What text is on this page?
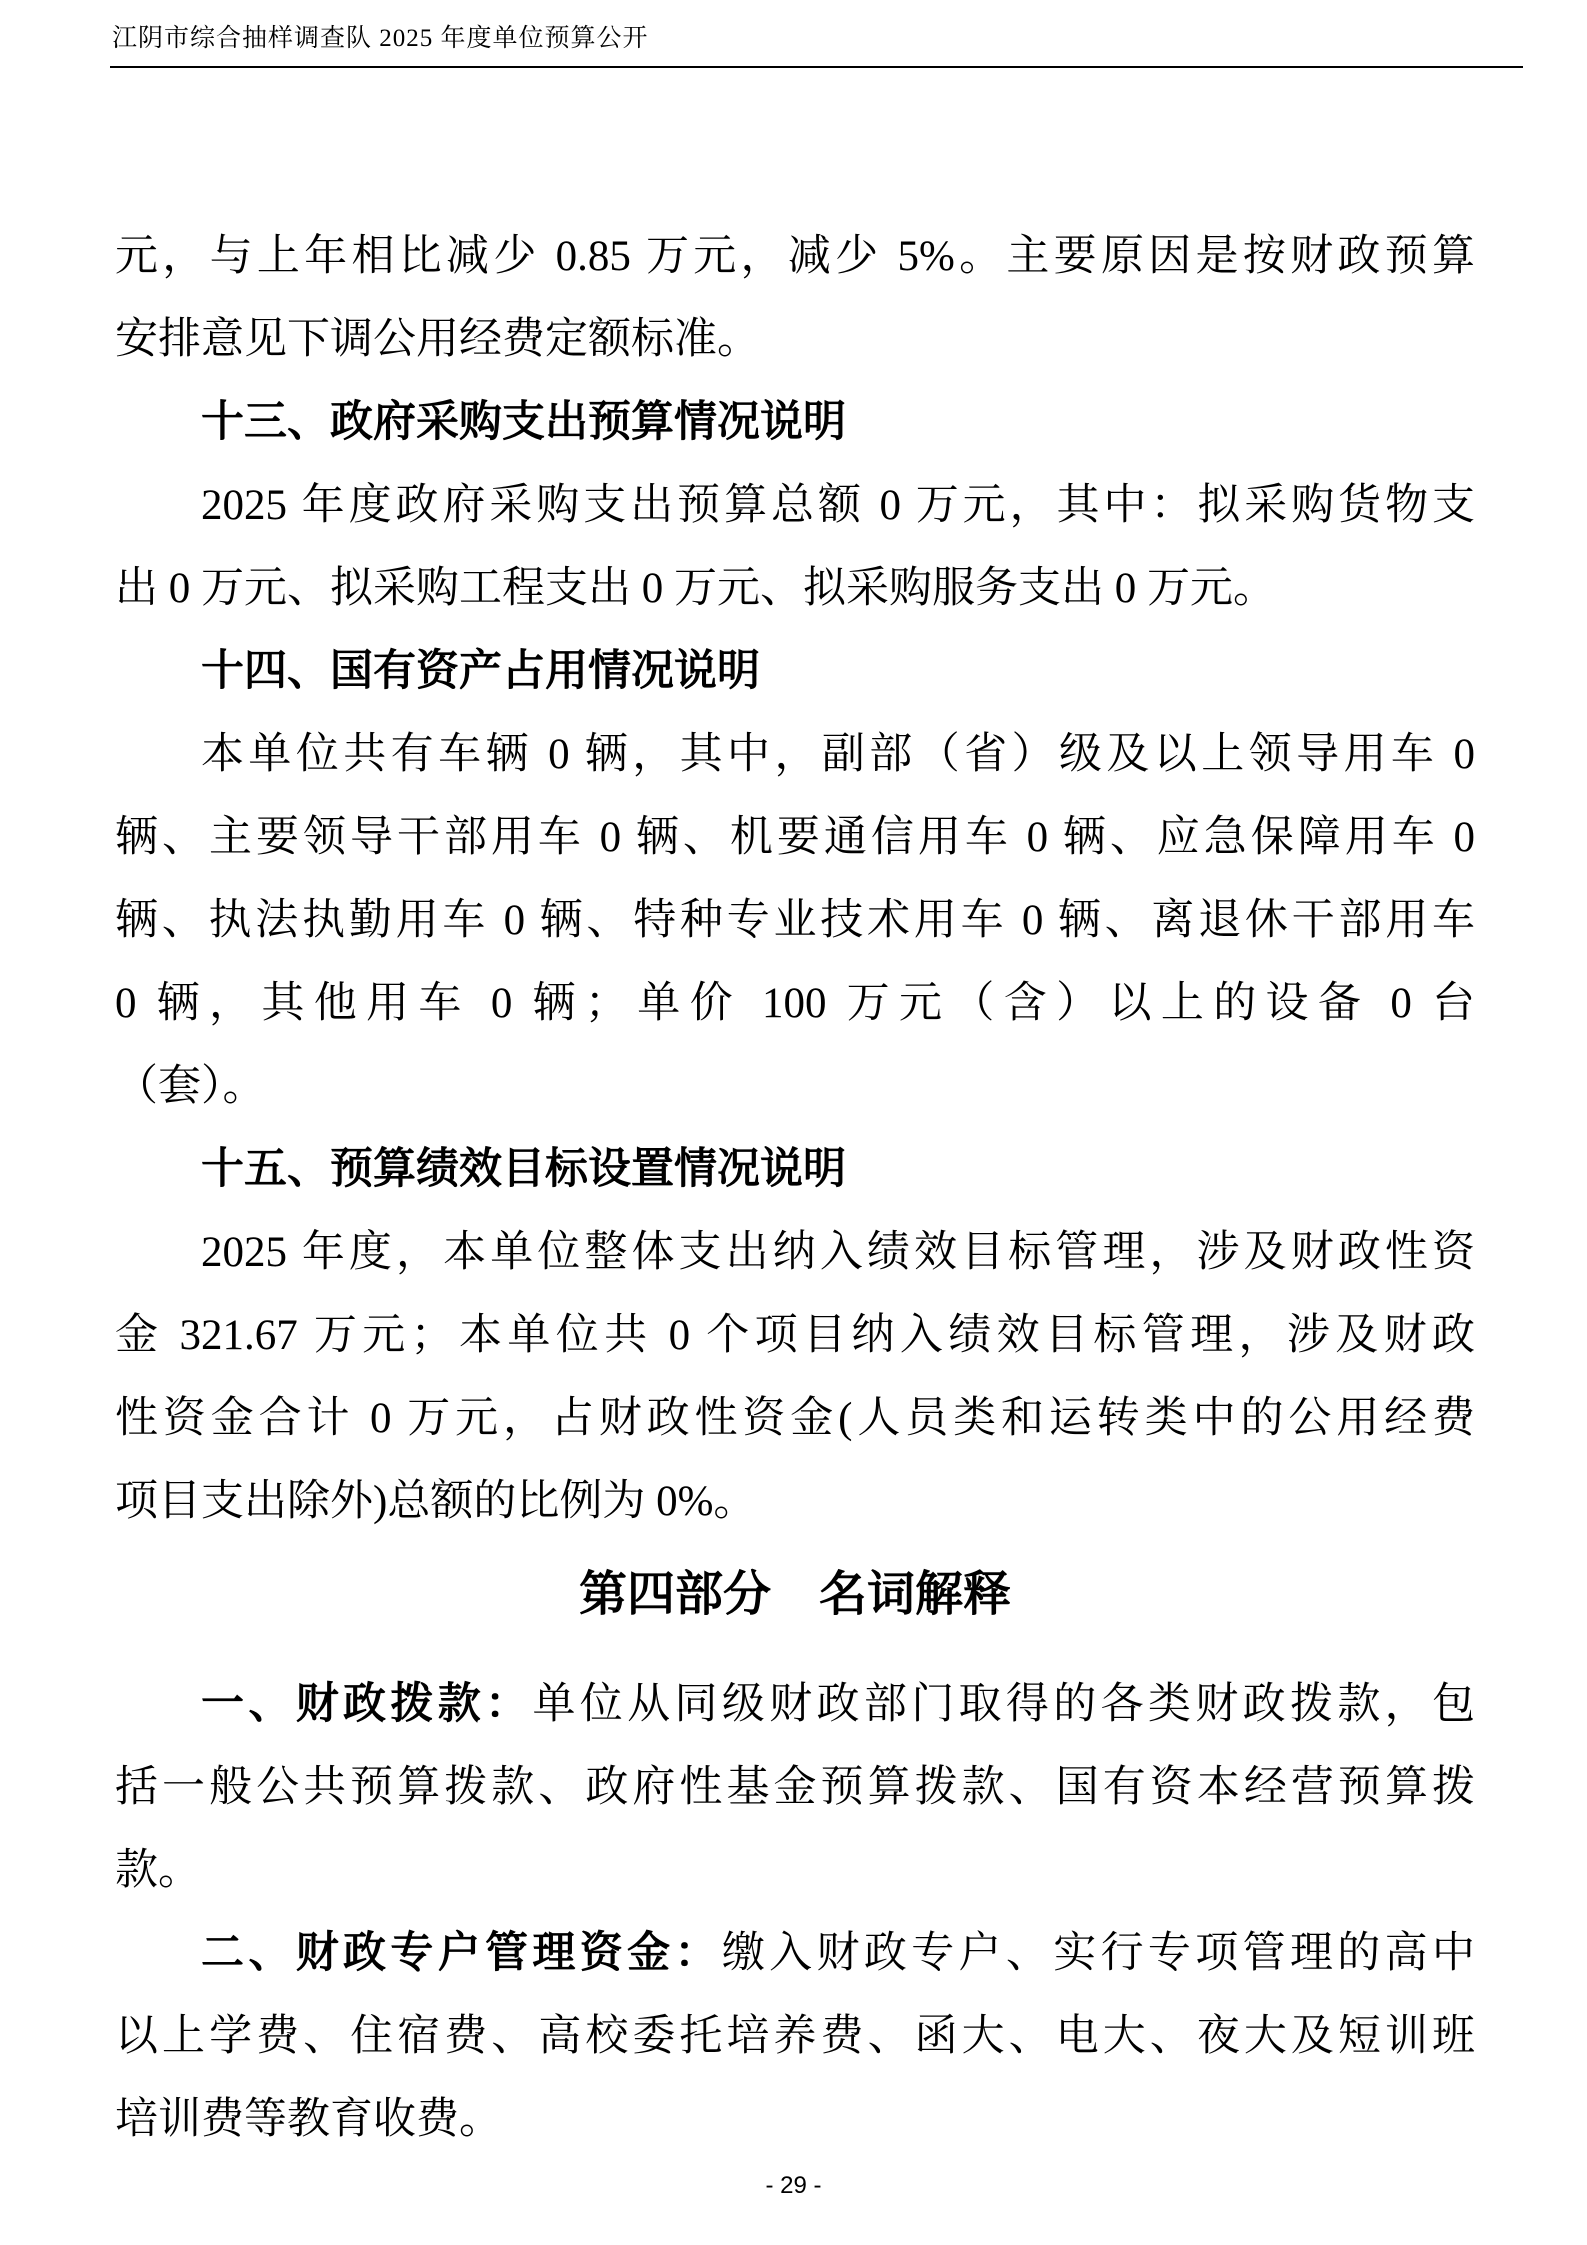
江阴市综合抽样调查队 2025 年度单位预算公开
元，与上年相比减少 0.85 万元，减少 5%。主要原因是按财政预算
安排意见下调公用经费定额标准。
十三、政府采购支出预算情况说明
2025 年度政府采购支出预算总额 0 万元，其中：拟采购货物支
出 0 万元、拟采购工程支出 0 万元、拟采购服务支出 0 万元。
十四、国有资产占用情况说明
本单位共有车辆 0 辆，其中，副部（省）级及以上领导用车 0
辆、主要领导干部用车 0 辆、机要通信用车 0 辆、应急保障用车 0
辆、执法执勤用车 0 辆、特种专业技术用车 0 辆、离退休干部用车
0 辆，其他用车 0 辆；单价 100 万元（含）以上的设备 0 台
（套）。
十五、预算绩效目标设置情况说明
2025 年度，本单位整体支出纳入绩效目标管理，涉及财政性资
金 321.67 万元；本单位共 0 个项目纳入绩效目标管理，涉及财政
性资金合计 0 万元，占财政性资金(人员类和运转类中的公用经费
项目支出除外)总额的比例为 0%。
第四部分　名词解释
一、财政拨款：单位从同级财政部门取得的各类财政拨款，包
括一般公共预算拨款、政府性基金预算拨款、国有资本经营预算拨
款。
二、财政专户管理资金：缴入财政专户、实行专项管理的高中
以上学费、住宿费、高校委托培养费、函大、电大、夜大及短训班
培训费等教育收费。
- 29 -
